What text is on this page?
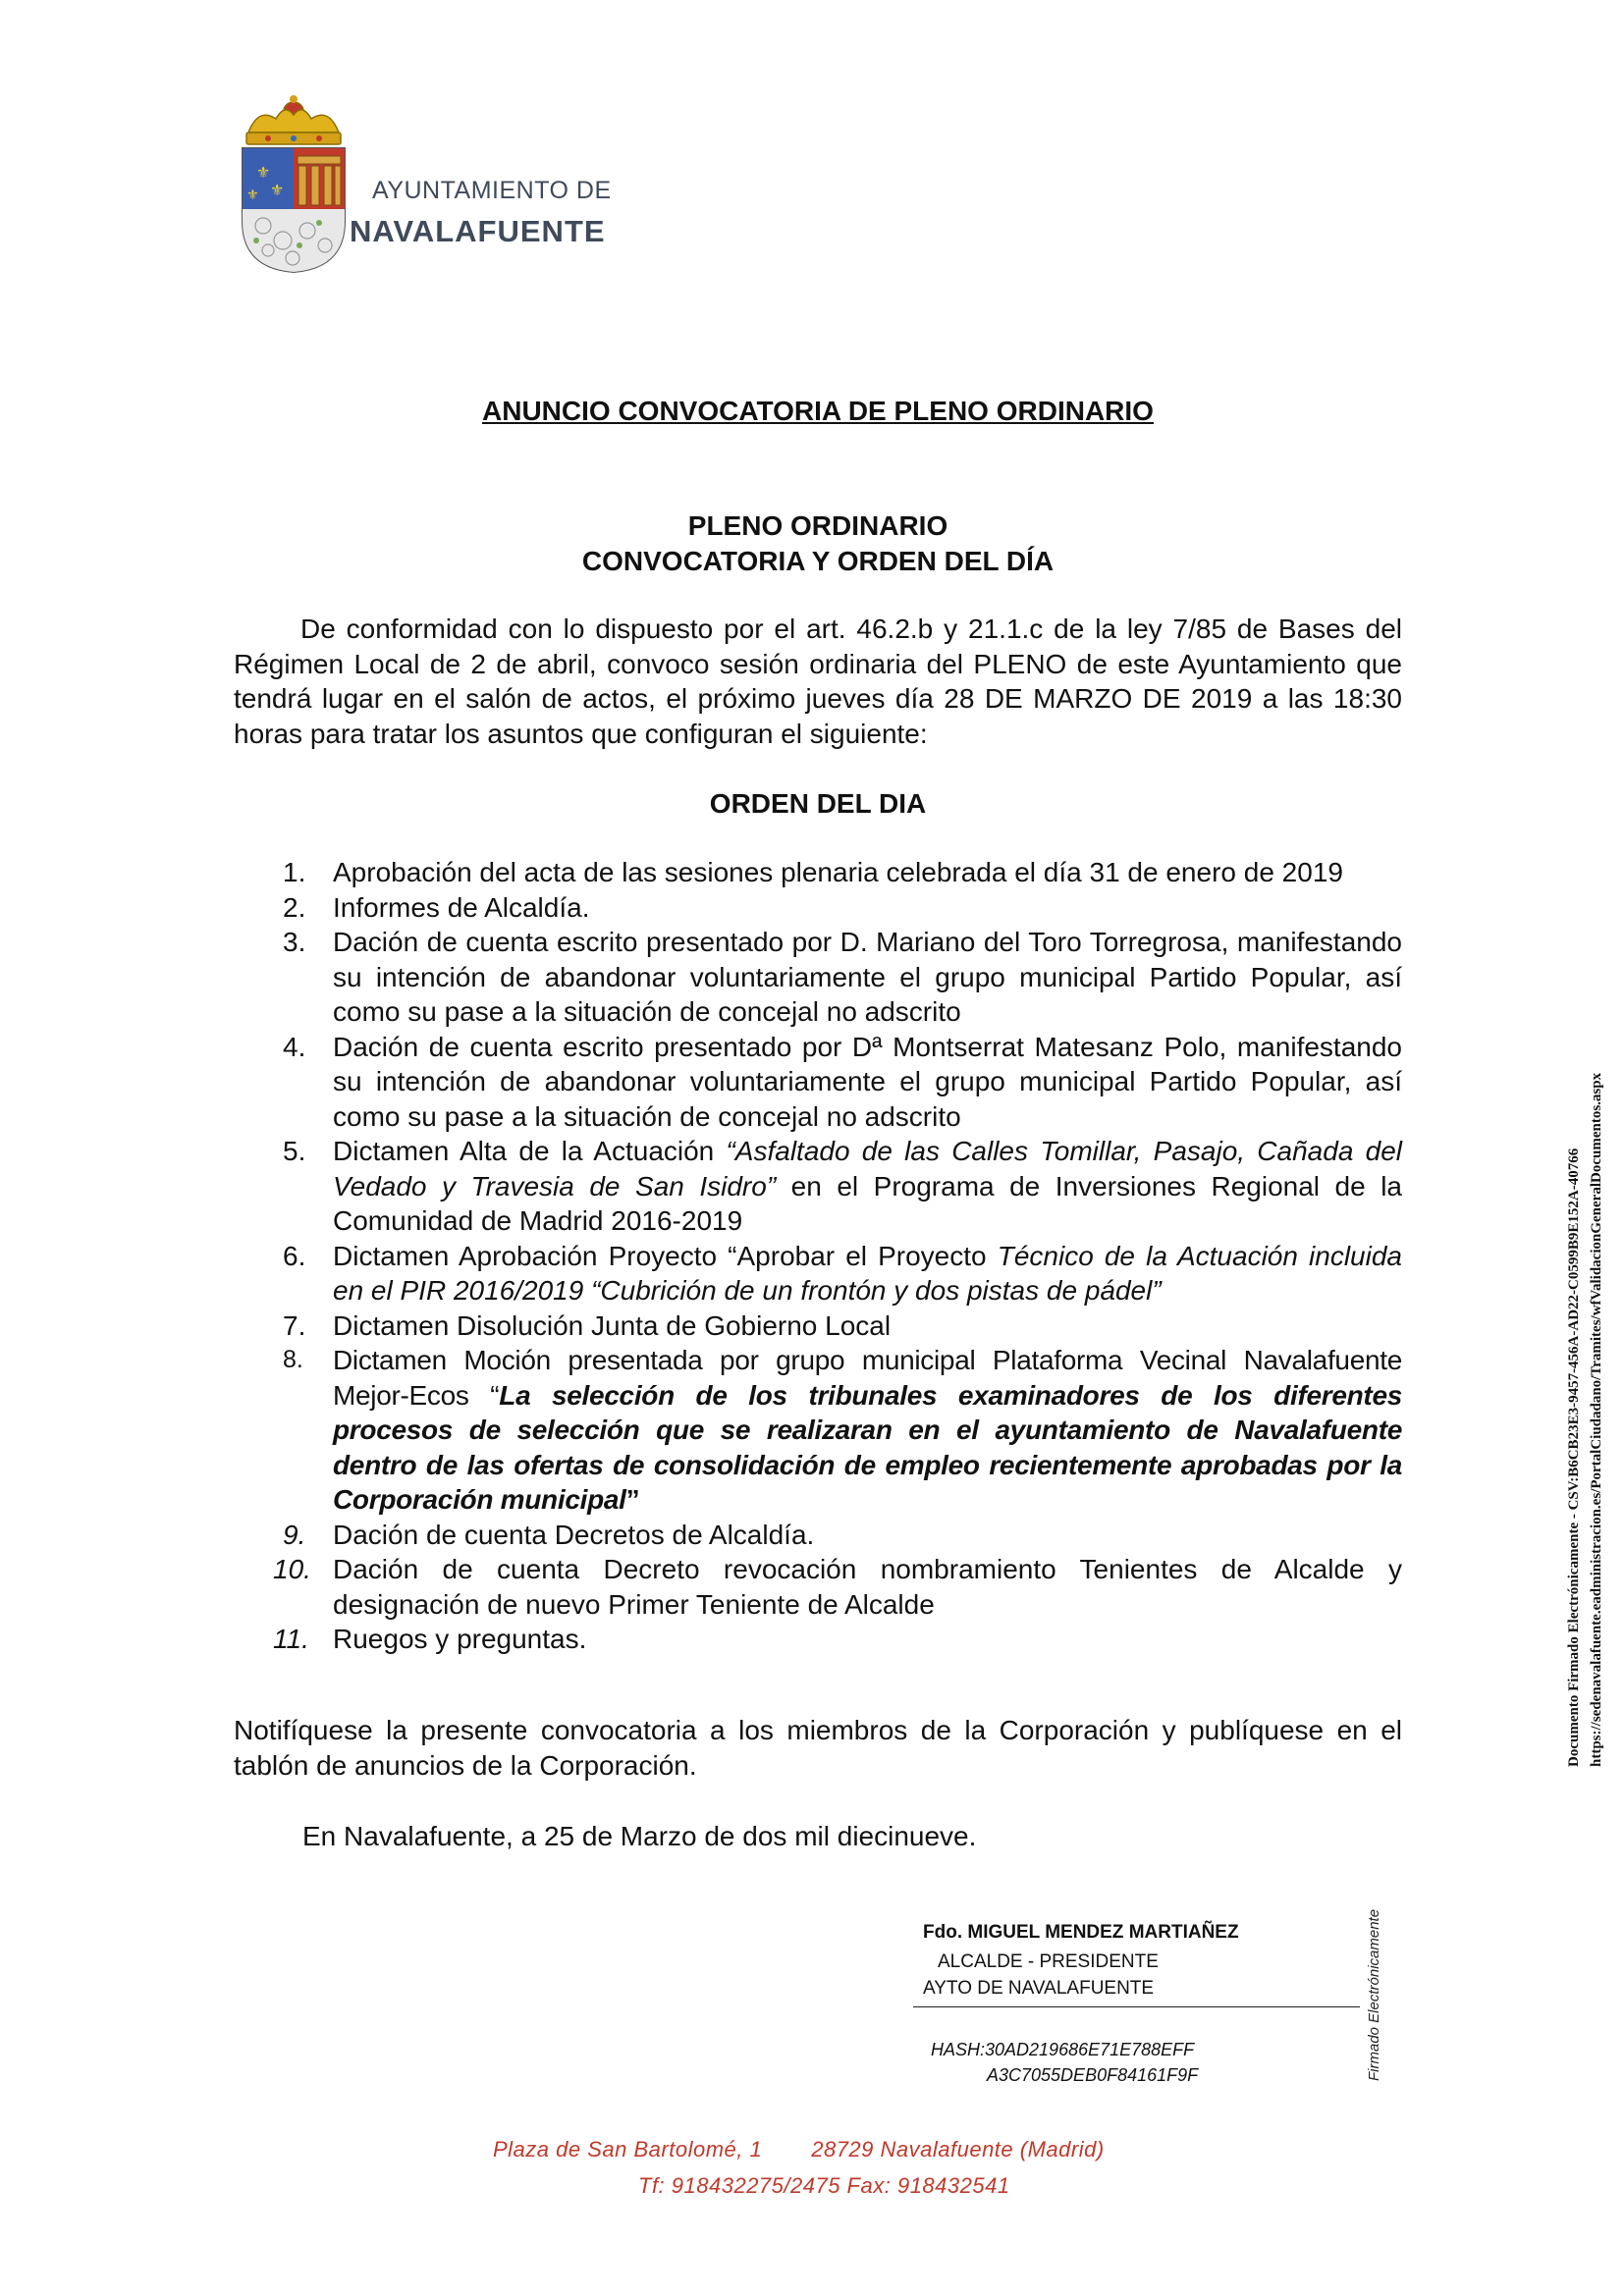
⚜
⚜
⚜	AYUNTAMIENTO DE
NAVALAFUENTE
ANUNCIO CONVOCATORIA DE PLENO ORDINARIO
PLENO ORDINARIO
CONVOCATORIA Y ORDEN DEL DÍA
De conformidad con lo dispuesto por el art. 46.2.b y 21.1.c de la ley 7/85 de Bases del Régimen Local de 2 de abril, convoco sesión ordinaria del PLENO de este Ayuntamiento que tendrá lugar en el salón de actos, el próximo jueves día 28 DE MARZO DE 2019 a las 18:30 horas para tratar los asuntos que configuran el siguiente:
ORDEN DEL DIA
1. Aprobación del acta de las sesiones plenaria celebrada el día 31 de enero de 2019
2. Informes de Alcaldía.
3. Dación de cuenta escrito presentado por D. Mariano del Toro Torregrosa, manifestando su intención de abandonar voluntariamente el grupo municipal Partido Popular, así como su pase a la situación de concejal no adscrito
4. Dación de cuenta escrito presentado por Dª Montserrat Matesanz Polo, manifestando su intención de abandonar voluntariamente el grupo municipal Partido Popular, así como su pase a la situación de concejal no adscrito
5. Dictamen Alta de la Actuación “Asfaltado de las Calles Tomillar, Pasajo, Cañada del Vedado y Travesia de San Isidro” en el Programa de Inversiones Regional de la Comunidad de Madrid 2016-2019
6. Dictamen Aprobación Proyecto “Aprobar el Proyecto Técnico de la Actuación incluida en el PIR 2016/2019 “Cubrición de un frontón y dos pistas de pádel”
7. Dictamen Disolución Junta de Gobierno Local
8.	Dictamen Moción presentada por grupo municipal Plataforma Vecinal Navalafuente Mejor-Ecos “La selección de los tribunales examinadores de los diferentes procesos de selección que se realizaran en el ayuntamiento de Navalafuente dentro de las ofertas de consolidación de empleo recientemente aprobadas por la Corporación municipal”
9. Dación de cuenta Decretos de Alcaldía.
10. Dación de cuenta Decreto revocación nombramiento Tenientes de Alcalde y designación de nuevo Primer Teniente de Alcalde
11. Ruegos y preguntas.
Notifíquese la presente convocatoria a los miembros de la Corporación y publíquese en el tablón de anuncios de la Corporación.
En Navalafuente, a 25 de Marzo de dos mil diecinueve.
Fdo. MIGUEL MENDEZ MARTIAÑEZ
ALCALDE - PRESIDENTE
AYTO DE NAVALAFUENTE
HASH:30AD219686E71E788EFF
A3C7055DEB0F84161F9F	Firmado Electrónicamente
Documento Firmado Electrónicamente - CSV:B6CB23E3-9457-456A-AD22-C0599B9E152A-40766 https://sedenavalafuente.eadministracion.es/PortalCiudadano/Tramites/wfValidacionGeneralDocumentos.aspx
Plaza de San Bartolomé, 1 28729 Navalafuente (Madrid)
Tf: 918432275/2475 Fax: 918432541
